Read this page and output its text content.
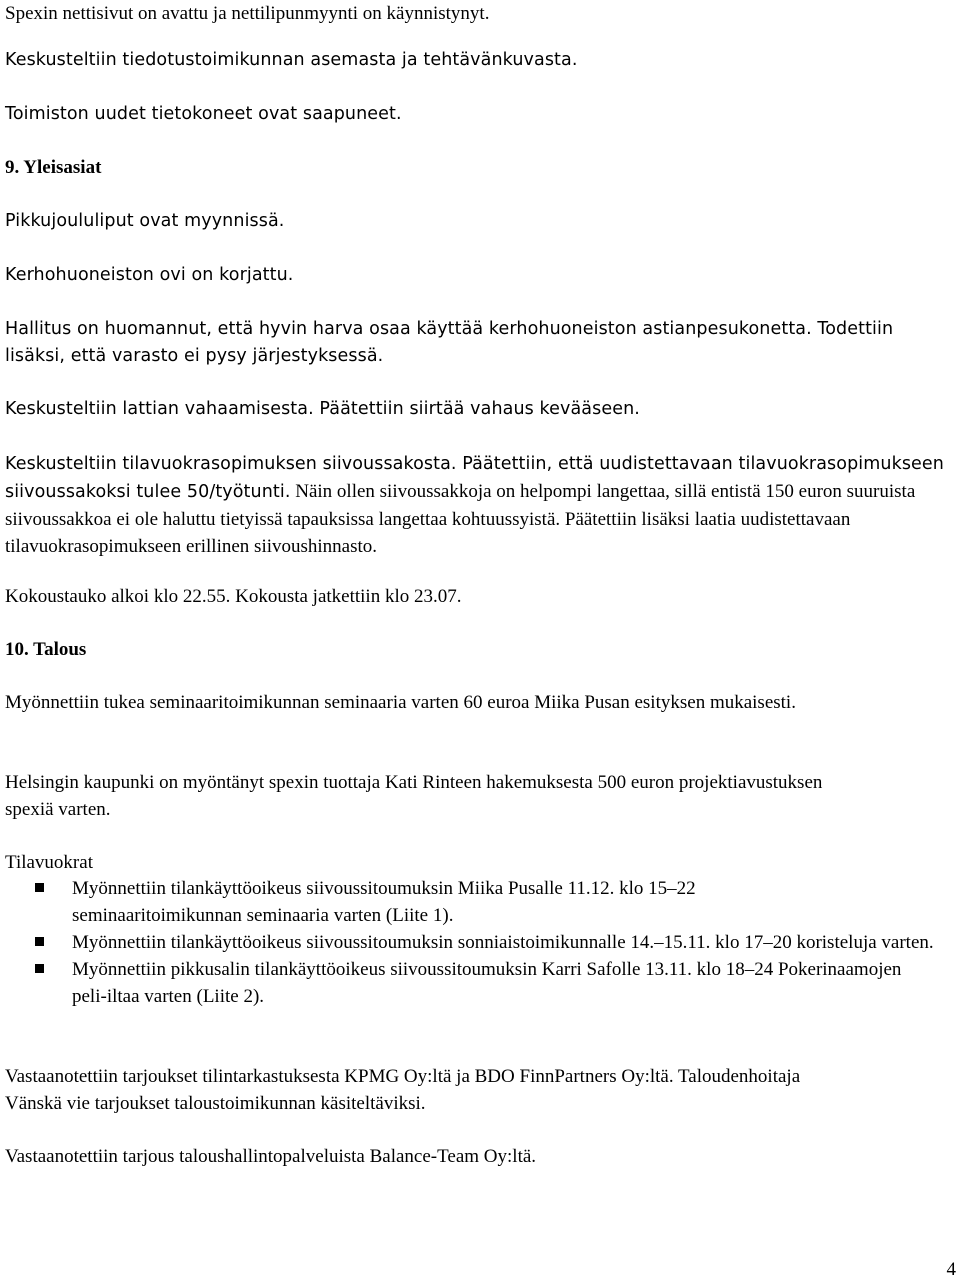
Spexin nettisivut on avattu ja nettilipunmyynti on käynnistynyt.

Keskusteltiin tiedotustoimikunnan asemasta ja tehtävänkuvasta.

Toimiston uudet tietokoneet ovat saapuneet.

9. Yleisasiat

Pikkujoululiput ovat myynnissä.

Kerhohuoneiston ovi on korjattu.

Hallitus on huomannut, että hyvin harva osaa käyttää kerhohuoneiston astianpesukonetta. Todettiin lisäksi, että varasto ei pysy järjestyksessä.

Keskusteltiin lattian vahaamisesta. Päätettiin siirtää vahaus kevääseen.

Keskusteltiin tilavuokrasopimuksen siivoussakosta. Päätettiin, että uudistettavaan tilavuokrasopimukseen siivoussakoksi tulee 50/työtunti. Näin ollen siivoussakkoja on helpompi langettaa, sillä entistä 150 euron suuruista siivoussakkoa ei ole haluttu tietyissä tapauksissa langettaa kohtuussyistä. Päätettiin lisäksi laatia uudistettavaan tilavuokrasopimukseen erillinen siivoushinnasto.

Kokoustauko alkoi klo 22.55. Kokousta jatkettiin klo 23.07.

10. Talous

Myönnettiin tukea seminaaritoimikunnan seminaaria varten 60 euroa Miika Pusan esityksen mukaisesti.

Helsingin kaupunki on myöntänyt spexin tuottaja Kati Rinteen hakemuksesta 500 euron projektiavustuksen spexiä varten.

Tilavuokrat

Myönnettiin tilankäyttöoikeus siivoussitoumuksin Miika Pusalle 11.12. klo 15–22 seminaaritoimikunnan seminaaria varten (Liite 1).
Myönnettiin tilankäyttöoikeus siivoussitoumuksin sonniaistoimikunnalle 14.–15.11. klo 17–20 koristeluja varten.
Myönnettiin pikkusalin tilankäyttöoikeus siivoussitoumuksin Karri Safolle 13.11. klo 18–24 Pokerinaamojen peli-iltaa varten (Liite 2).

Vastaanotettiin tarjoukset tilintarkastuksesta KPMG Oy:ltä ja BDO FinnPartners Oy:ltä. Taloudenhoitaja Vänskä vie tarjoukset taloustoimikunnan käsiteltäviksi.

Vastaanotettiin tarjous taloushallintopalveluista Balance-Team Oy:ltä.

4
